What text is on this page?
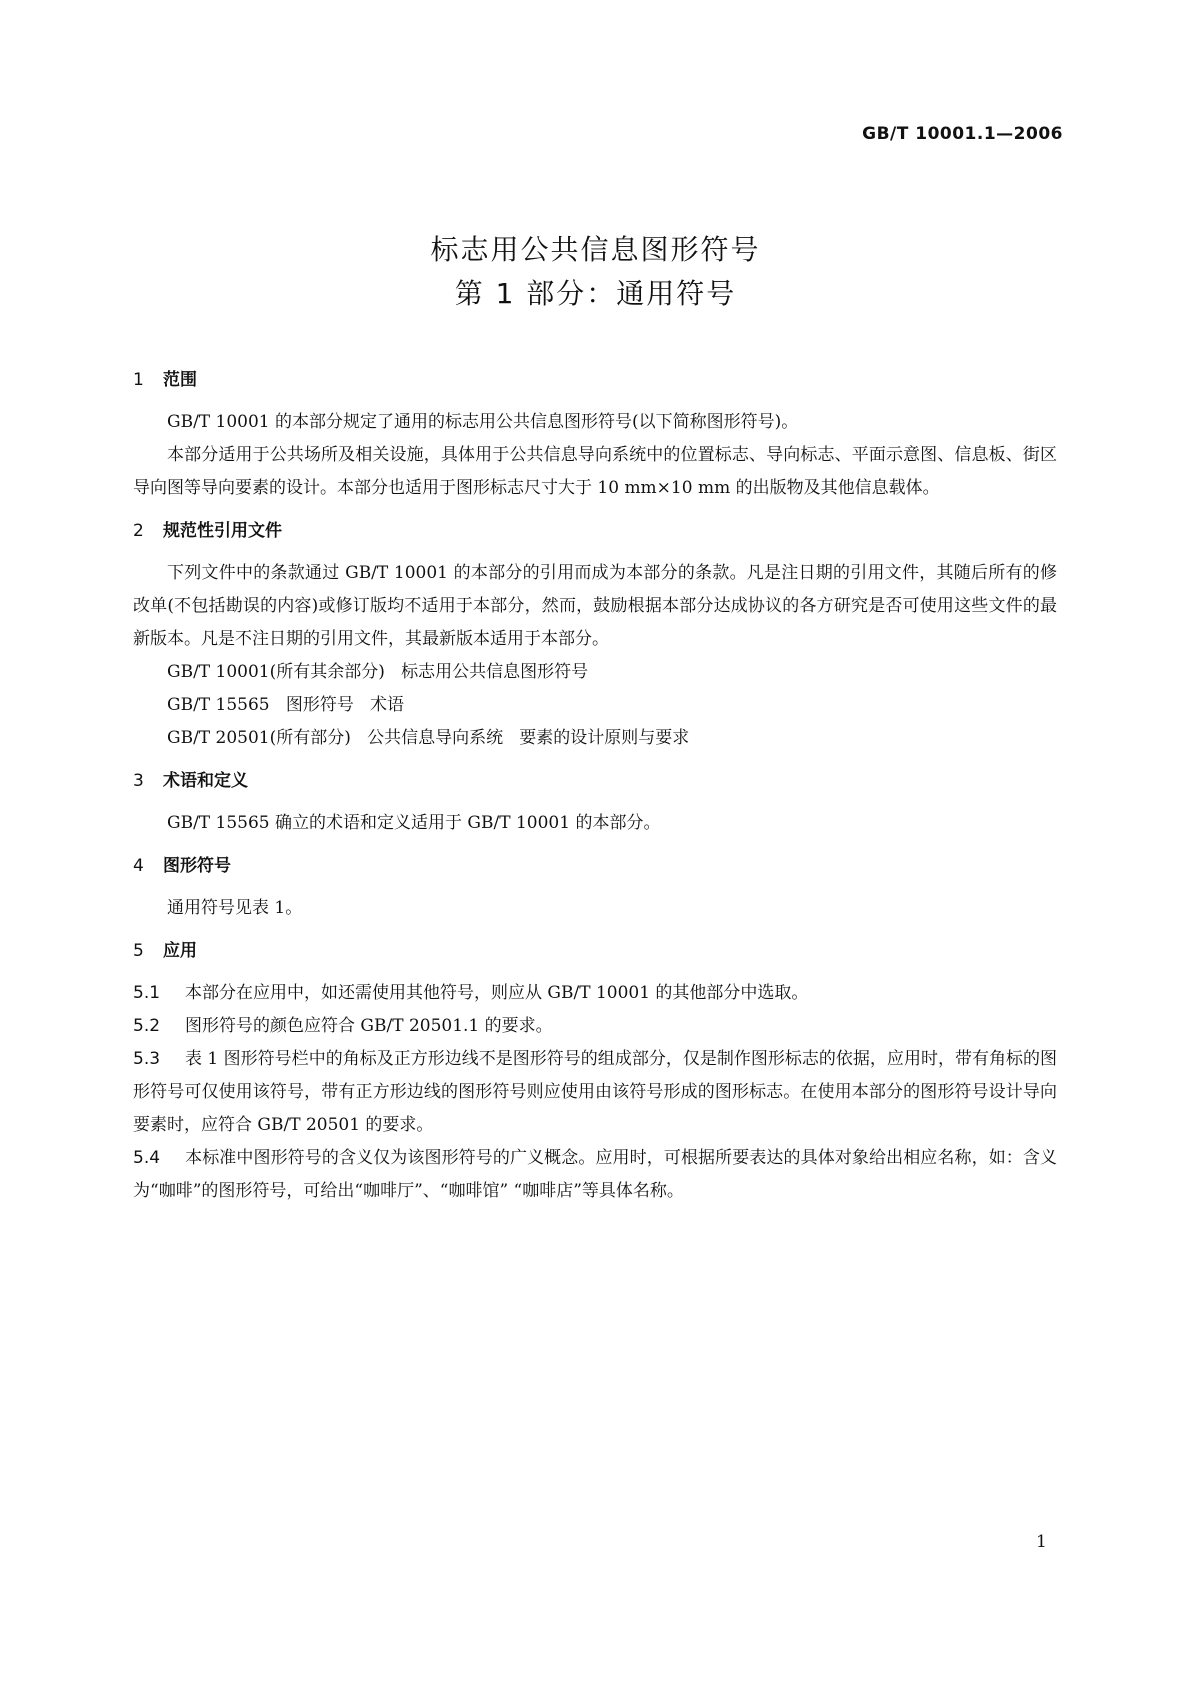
GB/T 10001.1—2006
标志用公共信息图形符号
第 1 部分：通用符号
1 范围

GB/T 10001 的本部分规定了通用的标志用公共信息图形符号(以下简称图形符号)。

本部分适用于公共场所及相关设施，具体用于公共信息导向系统中的位置标志、导向标志、平面示意图、信息板、街区导向图等导向要素的设计。本部分也适用于图形标志尺寸大于 10 mm×10 mm 的出版物及其他信息载体。

2 规范性引用文件

下列文件中的条款通过 GB/T 10001 的本部分的引用而成为本部分的条款。凡是注日期的引用文件，其随后所有的修改单(不包括勘误的内容)或修订版均不适用于本部分，然而，鼓励根据本部分达成协议的各方研究是否可使用这些文件的最新版本。凡是不注日期的引用文件，其最新版本适用于本部分。

GB/T 10001(所有其余部分)   标志用公共信息图形符号

GB/T 15565   图形符号   术语

GB/T 20501(所有部分)   公共信息导向系统   要素的设计原则与要求

3 术语和定义

GB/T 15565 确立的术语和定义适用于 GB/T 10001 的本部分。

4 图形符号

通用符号见表 1。

5 应用

5.1 本部分在应用中，如还需使用其他符号，则应从 GB/T 10001 的其他部分中选取。

5.2 图形符号的颜色应符合 GB/T 20501.1 的要求。

5.3 表 1 图形符号栏中的角标及正方形边线不是图形符号的组成部分，仅是制作图形标志的依据，应用时，带有角标的图形符号可仅使用该符号，带有正方形边线的图形符号则应使用由该符号形成的图形标志。在使用本部分的图形符号设计导向要素时，应符合 GB/T 20501 的要求。

5.4 本标准中图形符号的含义仅为该图形符号的广义概念。应用时，可根据所要表达的具体对象给出相应名称，如：含义为“咖啡”的图形符号，可给出“咖啡厅”、“咖啡馆” “咖啡店”等具体名称。

1
